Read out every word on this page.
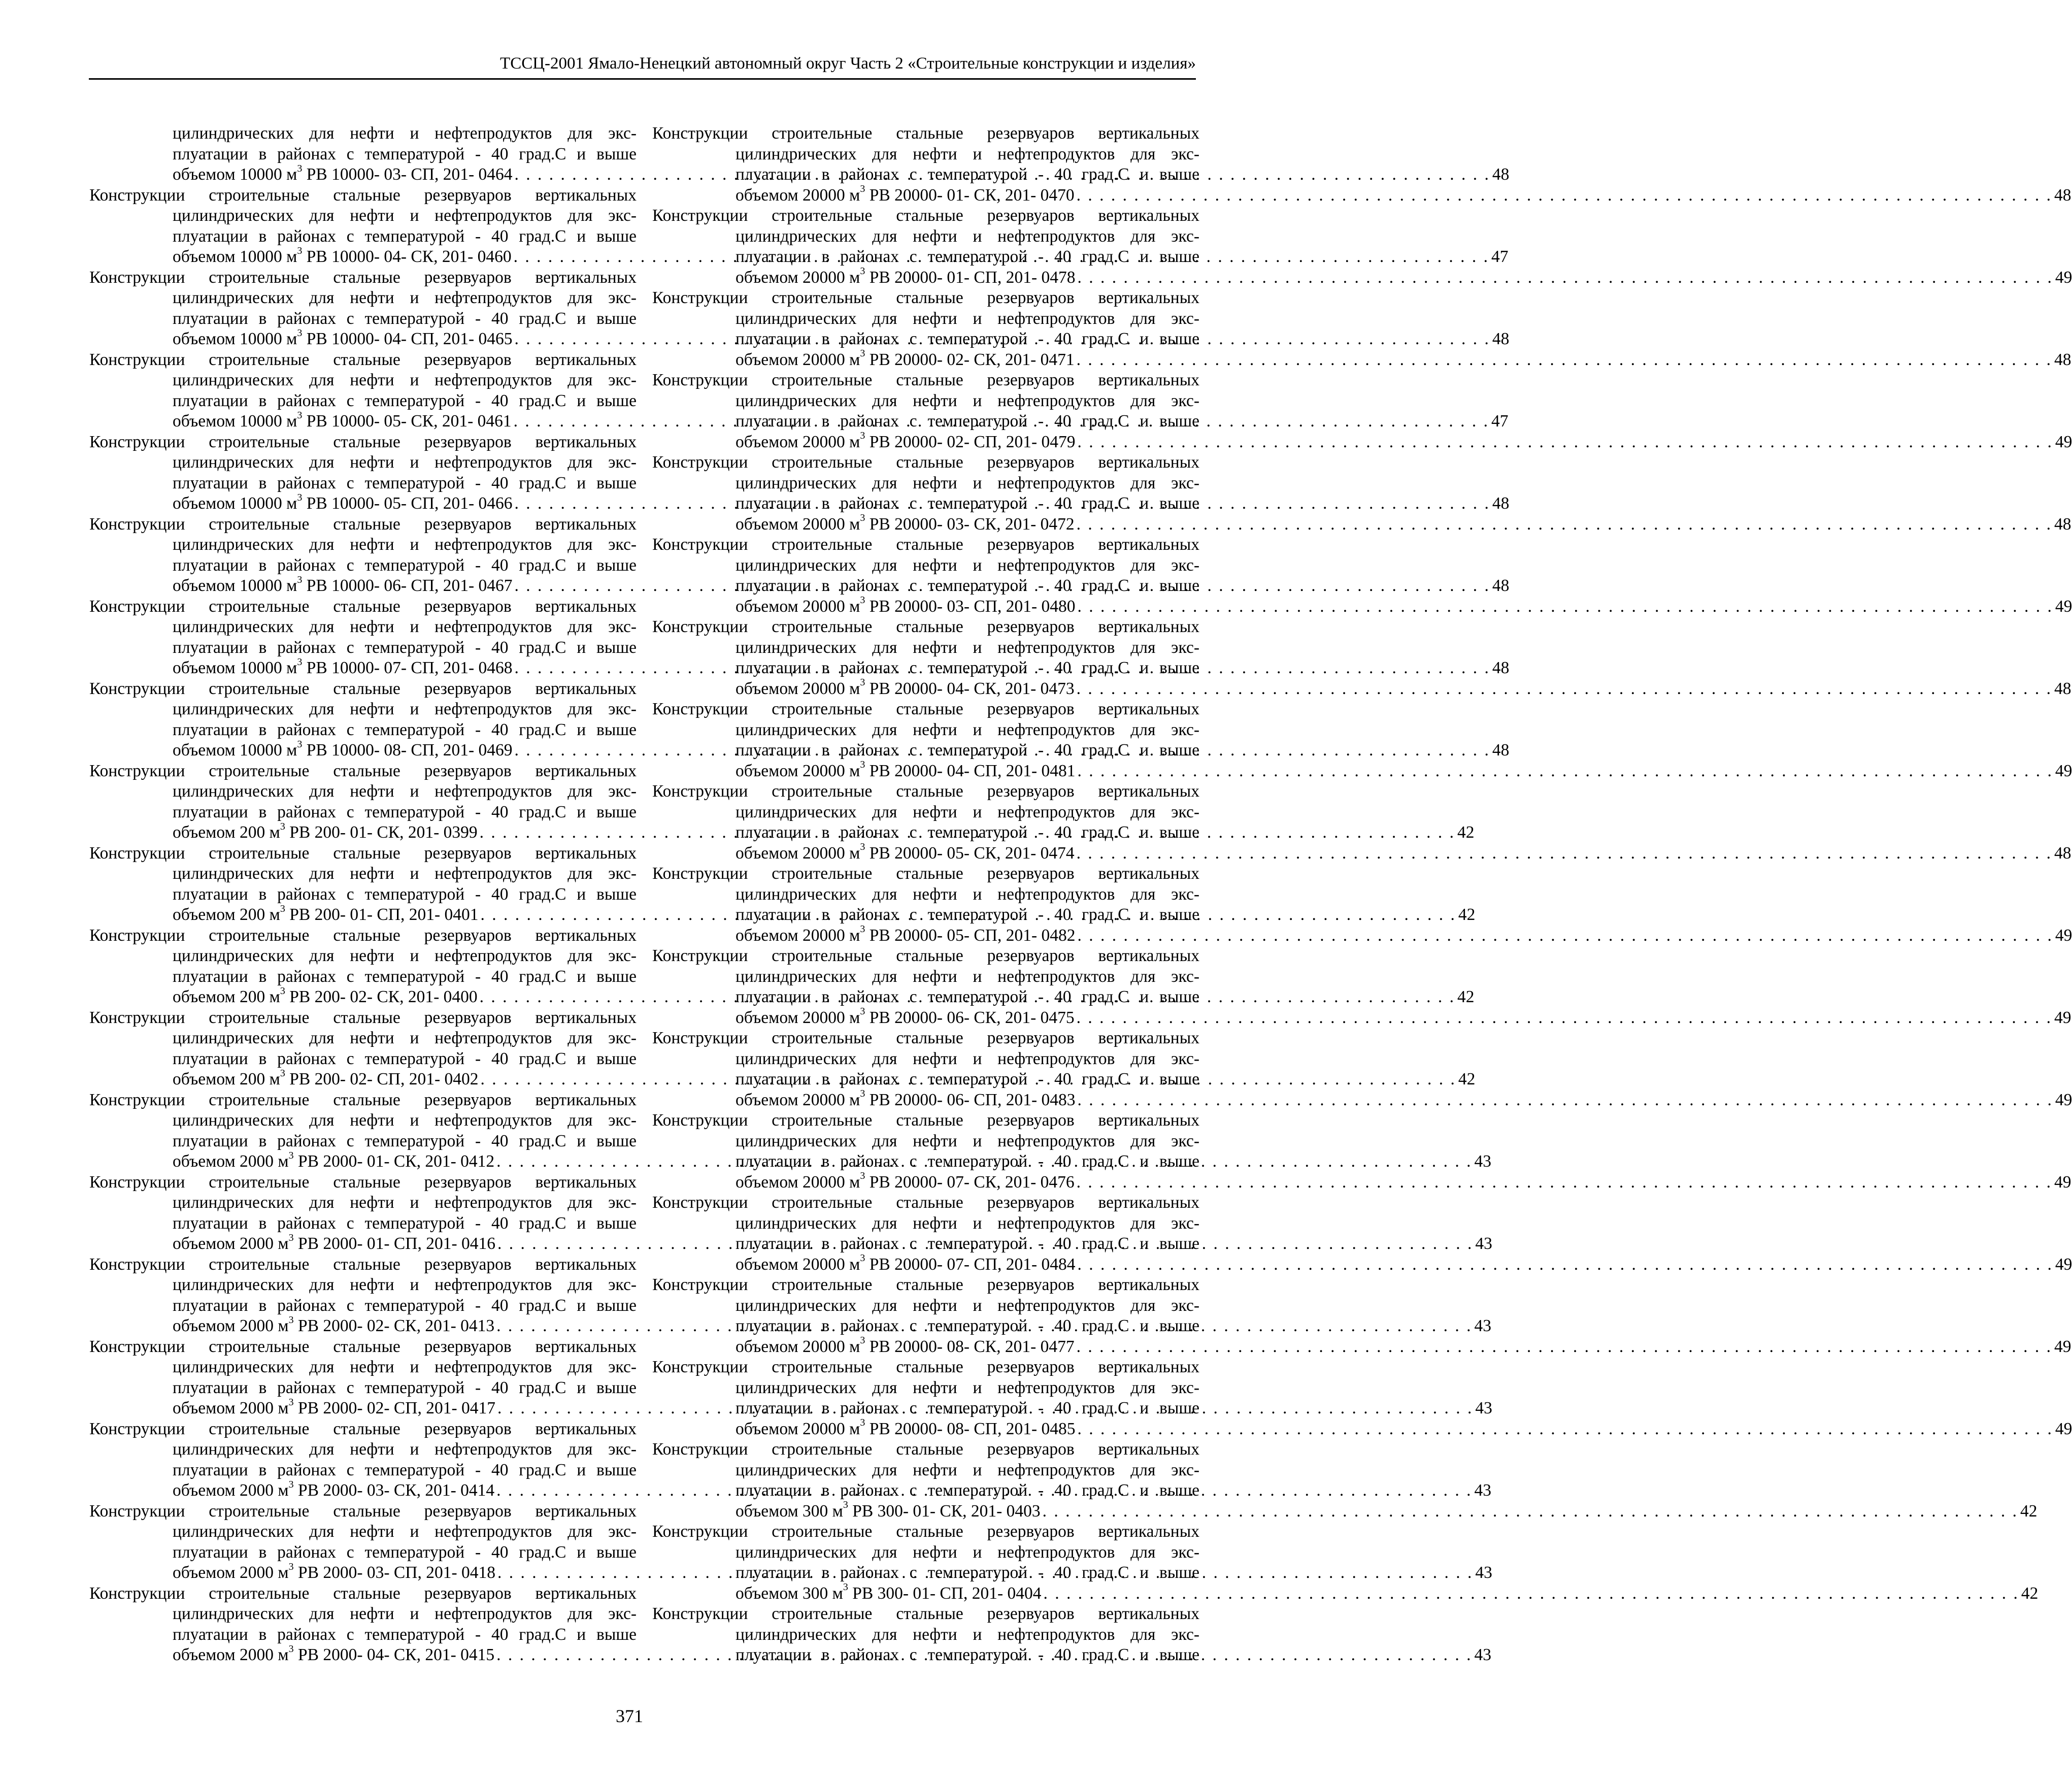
ТССЦ-2001 Ямало-Ненецкий автономный округ Часть 2 «Строительные конструкции и изделия»
цилиндрических для нефти и нефтепродуктов для экс-
плуатации в районах с температурой - 40 град.С и выше
объемом 10000 $м^3$ РВ 10000- 03- СП, 201- 0464 . . .	48
Конструкции строительные стальные резервуаров вертикальных
цилиндрических для нефти и нефтепродуктов для экс-
плуатации в районах с температурой - 40 град.С и выше
объемом 10000 $м^3$ РВ 10000- 04- СК, 201- 0460 . . .	47
Конструкции строительные стальные резервуаров вертикальных
цилиндрических для нефти и нефтепродуктов для экс-
плуатации в районах с температурой - 40 град.С и выше
объемом 10000 $м^3$ РВ 10000- 04- СП, 201- 0465 . . .	48
Конструкции строительные стальные резервуаров вертикальных
цилиндрических для нефти и нефтепродуктов для экс-
плуатации в районах с температурой - 40 град.С и выше
объемом 10000 $м^3$ РВ 10000- 05- СК, 201- 0461 . . .	47
Конструкции строительные стальные резервуаров вертикальных
цилиндрических для нефти и нефтепродуктов для экс-
плуатации в районах с температурой - 40 град.С и выше
объемом 10000 $м^3$ РВ 10000- 05- СП, 201- 0466 . . .	48
Конструкции строительные стальные резервуаров вертикальных
цилиндрических для нефти и нефтепродуктов для экс-
плуатации в районах с температурой - 40 град.С и выше
объемом 10000 $м^3$ РВ 10000- 06- СП, 201- 0467 . . .	48
Конструкции строительные стальные резервуаров вертикальных
цилиндрических для нефти и нефтепродуктов для экс-
плуатации в районах с температурой - 40 град.С и выше
объемом 10000 $м^3$ РВ 10000- 07- СП, 201- 0468 . . .	48
Конструкции строительные стальные резервуаров вертикальных
цилиндрических для нефти и нефтепродуктов для экс-
плуатации в районах с температурой - 40 град.С и выше
объемом 10000 $м^3$ РВ 10000- 08- СП, 201- 0469 . . .	48
Конструкции строительные стальные резервуаров вертикальных
цилиндрических для нефти и нефтепродуктов для экс-
плуатации в районах с температурой - 40 град.С и выше
объемом 200 $м^3$ РВ 200- 01- СК, 201- 0399 . . .	42
Конструкции строительные стальные резервуаров вертикальных
цилиндрических для нефти и нефтепродуктов для экс-
плуатации в районах с температурой - 40 град.С и выше
объемом 200 $м^3$ РВ 200- 01- СП, 201- 0401 . . .	42
Конструкции строительные стальные резервуаров вертикальных
цилиндрических для нефти и нефтепродуктов для экс-
плуатации в районах с температурой - 40 град.С и выше
объемом 200 $м^3$ РВ 200- 02- СК, 201- 0400 . . .	42
Конструкции строительные стальные резервуаров вертикальных
цилиндрических для нефти и нефтепродуктов для экс-
плуатации в районах с температурой - 40 град.С и выше
объемом 200 $м^3$ РВ 200- 02- СП, 201- 0402 . . .	42
Конструкции строительные стальные резервуаров вертикальных
цилиндрических для нефти и нефтепродуктов для экс-
плуатации в районах с температурой - 40 град.С и выше
объемом 2000 $м^3$ РВ 2000- 01- СК, 201- 0412 . . .	43
Конструкции строительные стальные резервуаров вертикальных
цилиндрических для нефти и нефтепродуктов для экс-
плуатации в районах с температурой - 40 град.С и выше
объемом 2000 $м^3$ РВ 2000- 01- СП, 201- 0416 . . .	43
Конструкции строительные стальные резервуаров вертикальных
цилиндрических для нефти и нефтепродуктов для экс-
плуатации в районах с температурой - 40 град.С и выше
объемом 2000 $м^3$ РВ 2000- 02- СК, 201- 0413 . . .	43
Конструкции строительные стальные резервуаров вертикальных
цилиндрических для нефти и нефтепродуктов для экс-
плуатации в районах с температурой - 40 град.С и выше
объемом 2000 $м^3$ РВ 2000- 02- СП, 201- 0417 . . .	43
Конструкции строительные стальные резервуаров вертикальных
цилиндрических для нефти и нефтепродуктов для экс-
плуатации в районах с температурой - 40 град.С и выше
объемом 2000 $м^3$ РВ 2000- 03- СК, 201- 0414 . . .	43
Конструкции строительные стальные резервуаров вертикальных
цилиндрических для нефти и нефтепродуктов для экс-
плуатации в районах с температурой - 40 град.С и выше
объемом 2000 $м^3$ РВ 2000- 03- СП, 201- 0418 . . .	43
Конструкции строительные стальные резервуаров вертикальных
цилиндрических для нефти и нефтепродуктов для экс-
плуатации в районах с температурой - 40 град.С и выше
объемом 2000 $м^3$ РВ 2000- 04- СК, 201- 0415 . . .	43
Конструкции строительные стальные резервуаров вертикальных
цилиндрических для нефти и нефтепродуктов для экс-
плуатации в районах с температурой - 40 град.С и выше
объемом 20000 $м^3$ РВ 20000- 01- СК, 201- 0470 . . .	48
Конструкции строительные стальные резервуаров вертикальных
цилиндрических для нефти и нефтепродуктов для экс-
плуатации в районах с температурой - 40 град.С и выше
объемом 20000 $м^3$ РВ 20000- 01- СП, 201- 0478 . . .	49
Конструкции строительные стальные резервуаров вертикальных
цилиндрических для нефти и нефтепродуктов для экс-
плуатации в районах с температурой - 40 град.С и выше
объемом 20000 $м^3$ РВ 20000- 02- СК, 201- 0471 . . .	48
Конструкции строительные стальные резервуаров вертикальных
цилиндрических для нефти и нефтепродуктов для экс-
плуатации в районах с температурой - 40 град.С и выше
объемом 20000 $м^3$ РВ 20000- 02- СП, 201- 0479 . . .	49
Конструкции строительные стальные резервуаров вертикальных
цилиндрических для нефти и нефтепродуктов для экс-
плуатации в районах с температурой - 40 град.С и выше
объемом 20000 $м^3$ РВ 20000- 03- СК, 201- 0472 . . .	48
Конструкции строительные стальные резервуаров вертикальных
цилиндрических для нефти и нефтепродуктов для экс-
плуатации в районах с температурой - 40 град.С и выше
объемом 20000 $м^3$ РВ 20000- 03- СП, 201- 0480 . . .	49
Конструкции строительные стальные резервуаров вертикальных
цилиндрических для нефти и нефтепродуктов для экс-
плуатации в районах с температурой - 40 град.С и выше
объемом 20000 $м^3$ РВ 20000- 04- СК, 201- 0473 . . .	48
Конструкции строительные стальные резервуаров вертикальных
цилиндрических для нефти и нефтепродуктов для экс-
плуатации в районах с температурой - 40 град.С и выше
объемом 20000 $м^3$ РВ 20000- 04- СП, 201- 0481 . . .	49
Конструкции строительные стальные резервуаров вертикальных
цилиндрических для нефти и нефтепродуктов для экс-
плуатации в районах с температурой - 40 град.С и выше
объемом 20000 $м^3$ РВ 20000- 05- СК, 201- 0474 . . .	48
Конструкции строительные стальные резервуаров вертикальных
цилиндрических для нефти и нефтепродуктов для экс-
плуатации в районах с температурой - 40 град.С и выше
объемом 20000 $м^3$ РВ 20000- 05- СП, 201- 0482 . . .	49
Конструкции строительные стальные резервуаров вертикальных
цилиндрических для нефти и нефтепродуктов для экс-
плуатации в районах с температурой - 40 град.С и выше
объемом 20000 $м^3$ РВ 20000- 06- СК, 201- 0475 . . .	49
Конструкции строительные стальные резервуаров вертикальных
цилиндрических для нефти и нефтепродуктов для экс-
плуатации в районах с температурой - 40 град.С и выше
объемом 20000 $м^3$ РВ 20000- 06- СП, 201- 0483 . . .	49
Конструкции строительные стальные резервуаров вертикальных
цилиндрических для нефти и нефтепродуктов для экс-
плуатации в районах с температурой - 40 град.С и выше
объемом 20000 $м^3$ РВ 20000- 07- СК, 201- 0476 . . .	49
Конструкции строительные стальные резервуаров вертикальных
цилиндрических для нефти и нефтепродуктов для экс-
плуатации в районах с температурой - 40 град.С и выше
объемом 20000 $м^3$ РВ 20000- 07- СП, 201- 0484 . . .	49
Конструкции строительные стальные резервуаров вертикальных
цилиндрических для нефти и нефтепродуктов для экс-
плуатации в районах с температурой - 40 град.С и выше
объемом 20000 $м^3$ РВ 20000- 08- СК, 201- 0477 . . .	49
Конструкции строительные стальные резервуаров вертикальных
цилиндрических для нефти и нефтепродуктов для экс-
плуатации в районах с температурой - 40 град.С и выше
объемом 20000 $м^3$ РВ 20000- 08- СП, 201- 0485 . . .	49
Конструкции строительные стальные резервуаров вертикальных
цилиндрических для нефти и нефтепродуктов для экс-
плуатации в районах с температурой - 40 град.С и выше
объемом 300 $м^3$ РВ 300- 01- СК, 201- 0403 . . .	42
Конструкции строительные стальные резервуаров вертикальных
цилиндрических для нефти и нефтепродуктов для экс-
плуатации в районах с температурой - 40 град.С и выше
объемом 300 $м^3$ РВ 300- 01- СП, 201- 0404 . . .	42
Конструкции строительные стальные резервуаров вертикальных
цилиндрических для нефти и нефтепродуктов для экс-
плуатации в районах с температурой - 40 град.С и выше
371
